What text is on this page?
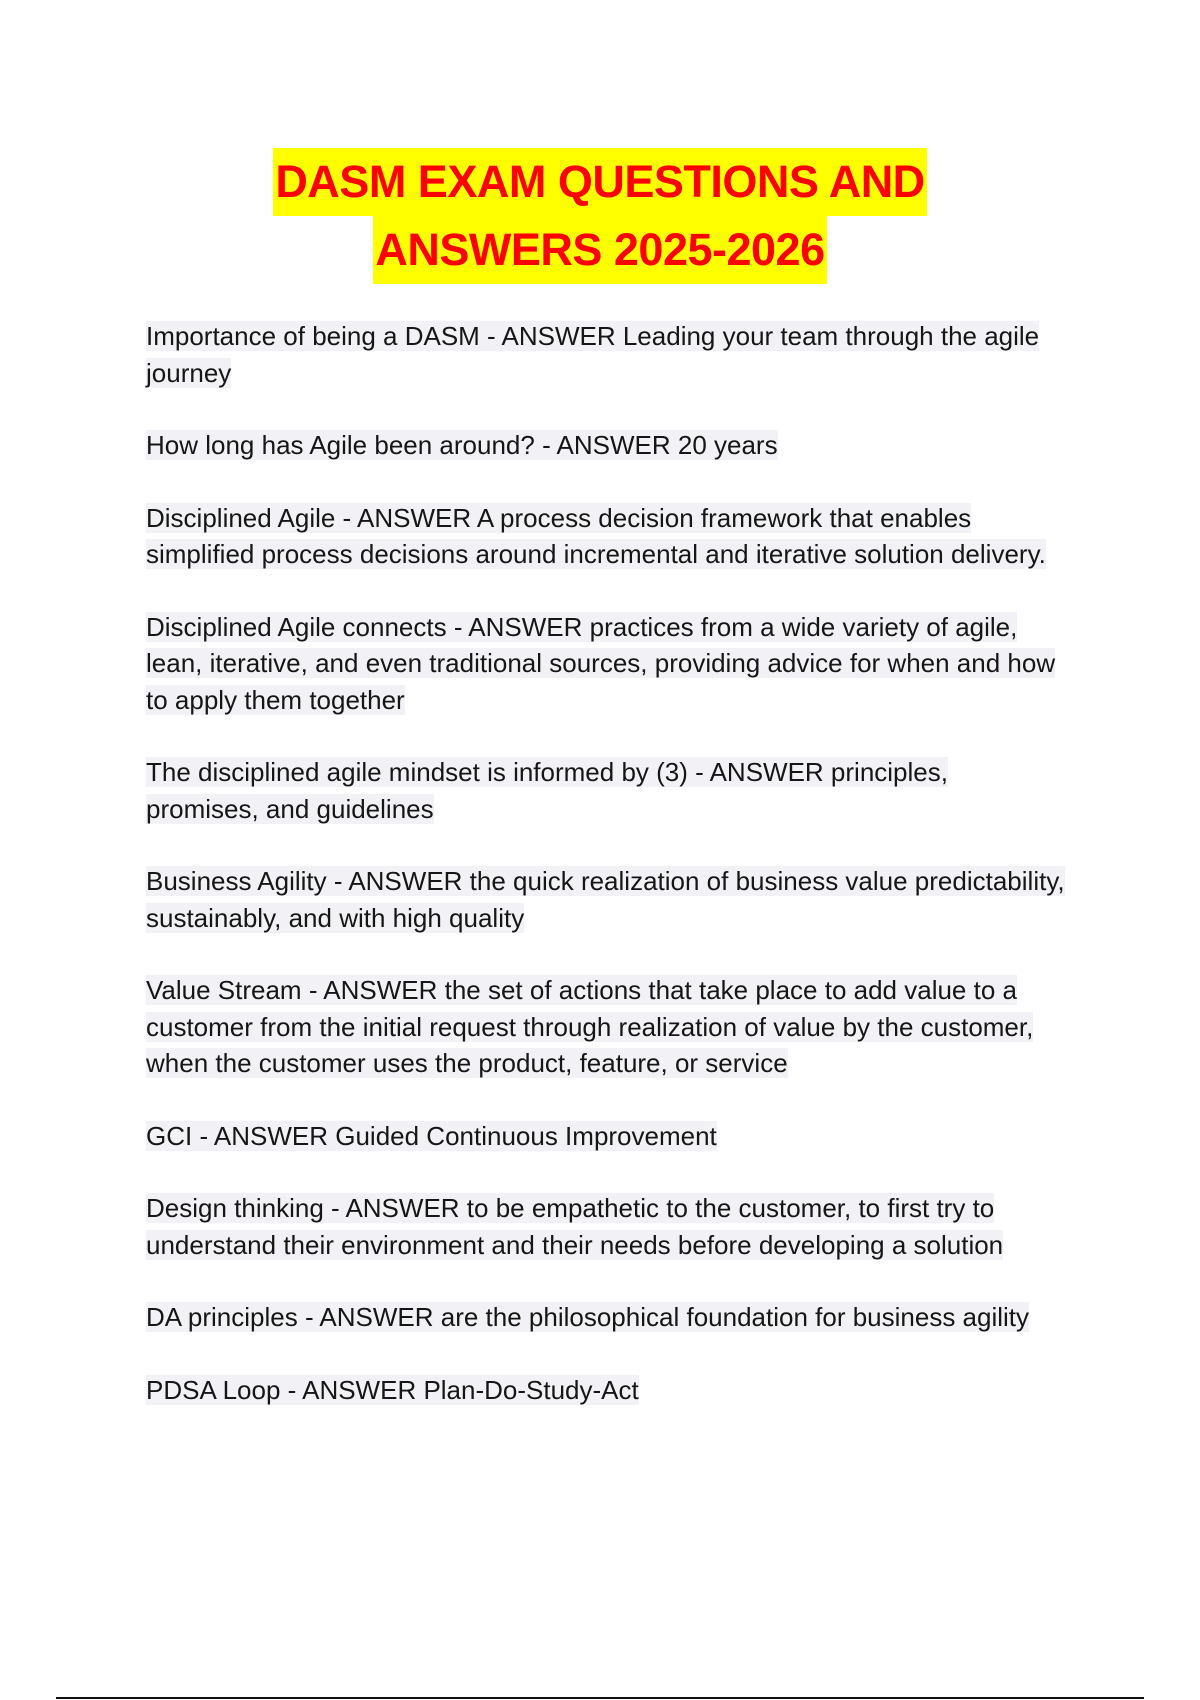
DASM EXAM QUESTIONS AND
ANSWERS 2025-2026
Importance of being a DASM - ANSWER Leading your team through the agile journey
How long has Agile been around? - ANSWER 20 years
Disciplined Agile - ANSWER A process decision framework that enables simplified process decisions around incremental and iterative solution delivery.
Disciplined Agile connects - ANSWER practices from a wide variety of agile, lean, iterative, and even traditional sources, providing advice for when and how to apply them together
The disciplined agile mindset is informed by (3) - ANSWER principles, promises, and guidelines
Business Agility - ANSWER the quick realization of business value predictability, sustainably, and with high quality
Value Stream - ANSWER the set of actions that take place to add value to a customer from the initial request through realization of value by the customer, when the customer uses the product, feature, or service
GCI - ANSWER Guided Continuous Improvement
Design thinking - ANSWER to be empathetic to the customer, to first try to understand their environment and their needs before developing a solution
DA principles - ANSWER are the philosophical foundation for business agility
PDSA Loop - ANSWER Plan-Do-Study-Act
